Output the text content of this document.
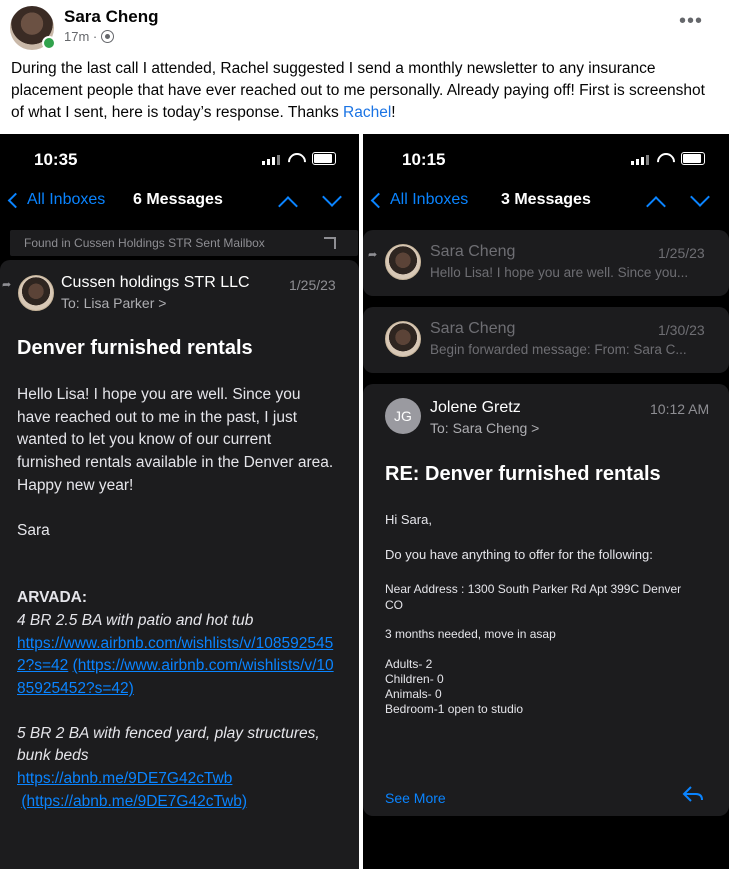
Sara Cheng
17m ·
•••
During the last call I attended, Rachel suggested I send a monthly newsletter to any insurance placement people that have ever reached out to me personally. Already paying off! First is screenshot of what I sent, here is today’s response. Thanks Rachel!
10:35
All Inboxes 6 Messages
Found in Cussen Holdings STR Sent Mailbox
➦	Cussen holdings STR LLC	1/25/23
To: Lisa Parker >
Denver furnished rentals
Hello Lisa! I hope you are well. Since you have reached out to me in the past, I just wanted to let you know of our current furnished rentals available in the Denver area. Happy new year!
Sara
ARVADA:
4 BR 2.5 BA with patio and hot tub
https://www.airbnb.com/wishlists/v/1085925452?s=42 (https://www.airbnb.com/wishlists/v/1085925452?s=42)
5 BR 2 BA with fenced yard, play structures, bunk beds
https://abnb.me/9DE7G42cTwb
(https://abnb.me/9DE7G42cTwb)
10:15
All Inboxes 3 Messages
➦	Sara Cheng	1/25/23
Hello Lisa! I hope you are well. Since you...
Sara Cheng	1/30/23
Begin forwarded message: From: Sara C...
JG	Jolene Gretz	10:12 AM
To: Sara Cheng >
RE: Denver furnished rentals
Hi Sara,
Do you have anything to offer for the following:
Near Address : 1300 South Parker Rd Apt 399C Denver CO
3 months needed, move in asap
Adults- 2
Children- 0
Animals- 0
Bedroom-1 open to studio
See More
